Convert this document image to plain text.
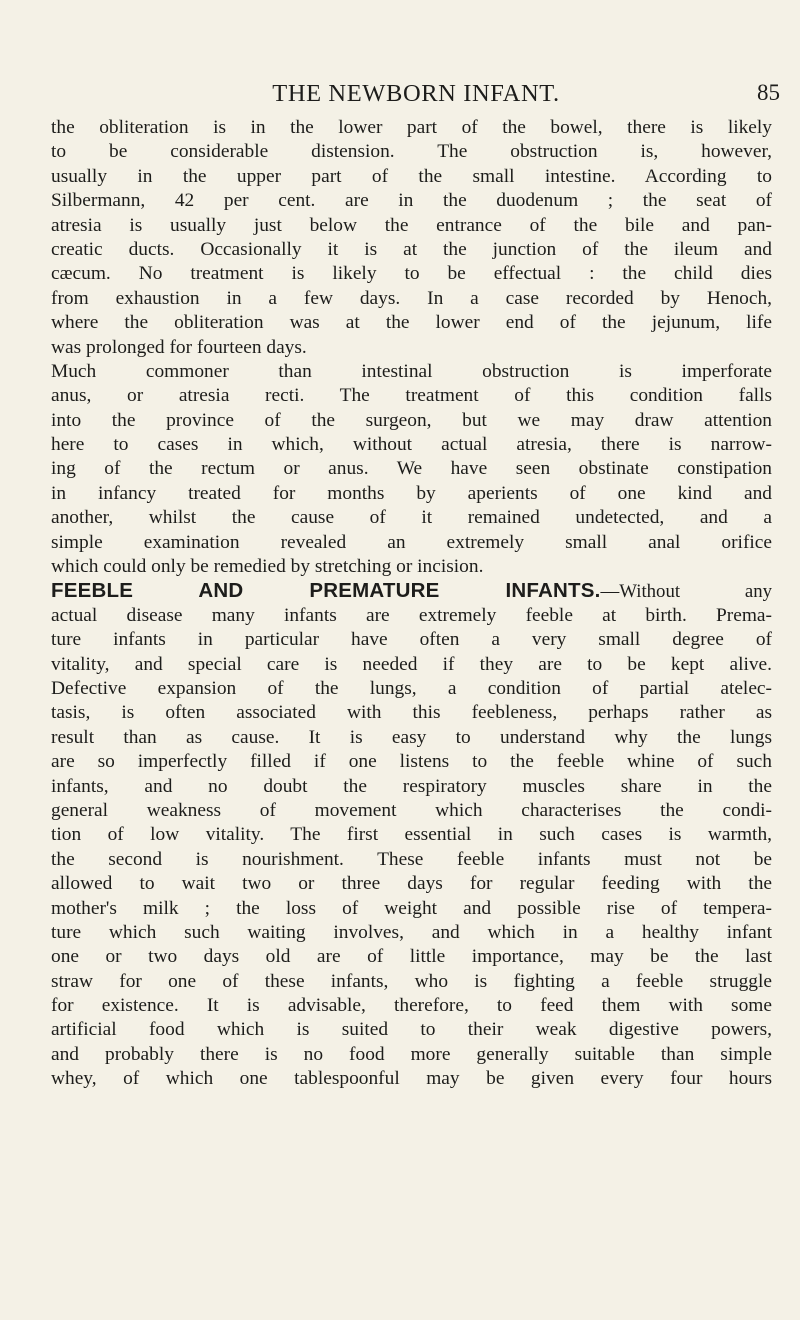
THE NEWBORN INFANT.	85
the obliteration is in the lower part of the bowel, there is likely
to be considerable distension. The obstruction is, however,
usually in the upper part of the small intestine. According to
Silbermann, 42 per cent. are in the duodenum ; the seat of
atresia is usually just below the entrance of the bile and pan-
creatic ducts. Occasionally it is at the junction of the ileum and
cæcum. No treatment is likely to be effectual : the child dies
from exhaustion in a few days. In a case recorded by Henoch,
where the obliteration was at the lower end of the jejunum, life
was prolonged for fourteen days.
Much commoner than intestinal obstruction is imperforate
anus, or atresia recti. The treatment of this condition falls
into the province of the surgeon, but we may draw attention
here to cases in which, without actual atresia, there is narrow-
ing of the rectum or anus. We have seen obstinate constipation
in infancy treated for months by aperients of one kind and
another, whilst the cause of it remained undetected, and a
simple examination revealed an extremely small anal orifice
which could only be remedied by stretching or incision.
FEEBLE AND PREMATURE INFANTS.—Without any
actual disease many infants are extremely feeble at birth. Prema-
ture infants in particular have often a very small degree of
vitality, and special care is needed if they are to be kept alive.
Defective expansion of the lungs, a condition of partial atelec-
tasis, is often associated with this feebleness, perhaps rather as
result than as cause. It is easy to understand why the lungs
are so imperfectly filled if one listens to the feeble whine of such
infants, and no doubt the respiratory muscles share in the
general weakness of movement which characterises the condi-
tion of low vitality. The first essential in such cases is warmth,
the second is nourishment. These feeble infants must not be
allowed to wait two or three days for regular feeding with the
mother's milk ; the loss of weight and possible rise of tempera-
ture which such waiting involves, and which in a healthy infant
one or two days old are of little importance, may be the last
straw for one of these infants, who is fighting a feeble struggle
for existence. It is advisable, therefore, to feed them with some
artificial food which is suited to their weak digestive powers,
and probably there is no food more generally suitable than simple
whey, of which one tablespoonful may be given every four hours
